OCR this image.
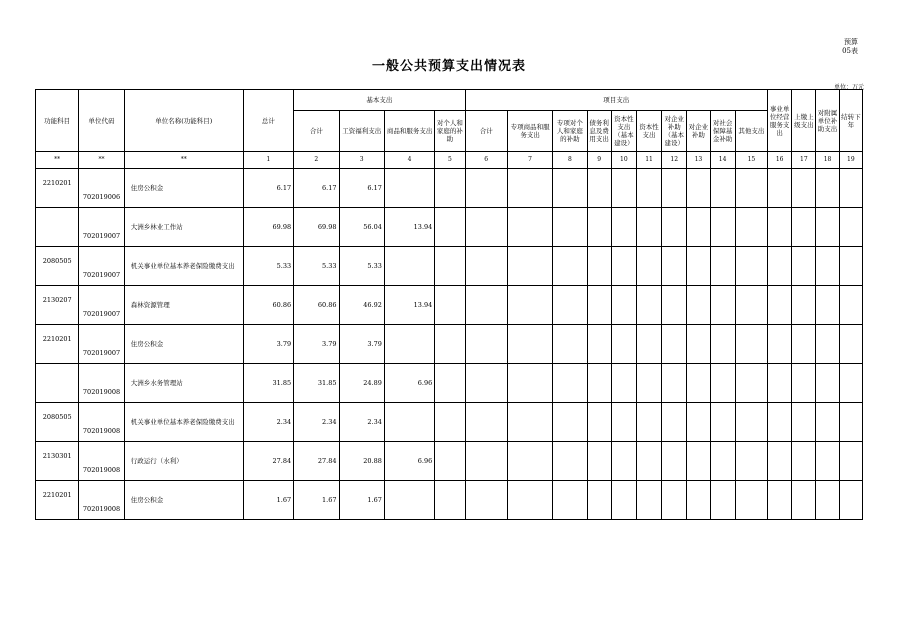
预算
05表
一般公共预算支出情况表
单位：万元
功能科目	单位代码	单位名称(功能科目)	总计	基本支出				项目支出										事业单位经营服务支出	上缴上级支出	对附属单位补助支出	结转下年
				合计	工资福利支出	商品和服务支出	对个人和家庭的补助	合计	专项商品和服务支出	专项对个人和家庭的补助	债务利息及费用支出	资本性支出（基本建设）	资本性支出	对企业补助（基本建设）	对企业补助	对社会保障基金补助	其他支出				
**	**	**	1	2	3	4	5	6	7	8	9	10	11	12	13	14	15	16	17	18	19
2210201	702019006	住房公积金	6.17	6.17	6.17																
	702019007	大洲乡林业工作站	69.98	69.98	56.04	13.94															
2080505	702019007	机关事业单位基本养老保险缴费支出	5.33	5.33	5.33																
2130207	702019007	森林资源管理	60.86	60.86	46.92	13.94															
2210201	702019007	住房公积金	3.79	3.79	3.79																
	702019008	大洲乡水务管理站	31.85	31.85	24.89	6.96															
2080505	702019008	机关事业单位基本养老保险缴费支出	2.34	2.34	2.34																
2130301	702019008	行政运行（水利）	27.84	27.84	20.88	6.96															
2210201	702019008	住房公积金	1.67	1.67	1.67																
